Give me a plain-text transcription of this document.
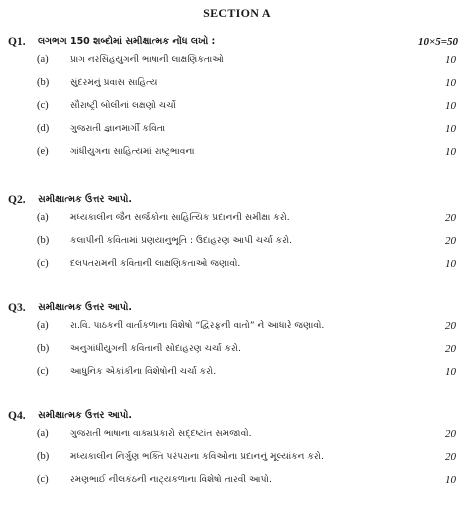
SECTION A
Q1. લગભગ 150 શબ્દોમાં સમીક્ષાત્મક નોંધ લખો :	10×5=50
(a) પ્રાગ નરસિંહયુગની ભાષાની લાક્ષણિકતાઓ	10
(b) સુંદરમનું પ્રવાસ સાહિત્ય	10
(c) સૌરાષ્ટ્રી બોલીનાં લક્ષણો ચર્ચો	10
(d) ગુજરાતી જ્ઞાનમાર્ગી કવિતા	10
(e) ગાંધીયુગના સાહિત્યમાં રાષ્ટ્રભાવના	10
Q2. સમીક્ષાત્મક ઉત્તર આપો.
(a) મધ્યકાલીન જૈન સર્જકોના સાહિત્યિક પ્રદાનની સમીક્ષા કરો.	20
(b) કલાપીની કવિતામાં પ્રણયાનુભૂતિ : ઉદાહરણ આપી ચર્ચા કરો.	20
(c) દલપતરામની કવિતાની લાક્ષણિકતાઓ જણાવો.	10
Q3. સમીક્ષાત્મક ઉત્તર આપો.
(a) રા.વિ. પાઠકની વાર્તાકળાના વિશેષો “દ્વિરફની વાતો” ને આધારે જણાવો.	20
(b) અનુગાંધીયુગની કવિતાની સોદાહરણ ચર્ચા કરો.	20
(c) આધુનિક એકાંકીના વિશેષોની ચર્ચા કરો.	10
Q4. સમીક્ષાત્મક ઉત્તર આપો.
(a) ગુજરાતી ભાષાના વાક્યપ્રકારો સદ્દષ્ટાંત સમજાવો.	20
(b) મધ્યકાલીન નિર્ગુણ ભક્તિ પરંપરાના કવિઓના પ્રદાનનું મૂલ્યાંકન કરો.	20
(c) રમણભાઈ નીલકંઠની નાટ્યકળાના વિશેષો તારવી આપો.	10
